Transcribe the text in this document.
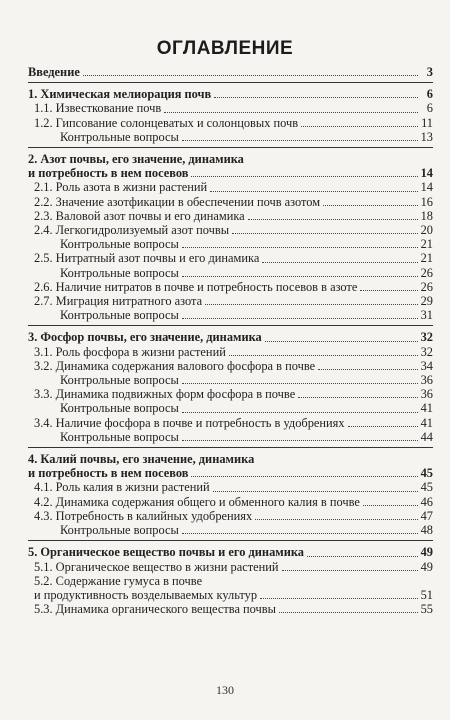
ОГЛАВЛЕНИЕ
Введение	3
1. Химическая мелиорация почв	6
1.1. Известкование почв	6
1.2. Гипсование солонцеватых и солонцовых почв	11
Контрольные вопросы	13
2. Азот почвы, его значение, динамика
и потребность в нем посевов	14
2.1. Роль азота в жизни растений	14
2.2. Значение азотфикации в обеспечении почв азотом	16
2.3. Валовой азот почвы и его динамика	18
2.4. Легкогидролизуемый азот почвы	20
Контрольные вопросы	21
2.5. Нитратный азот почвы и его динамика	21
Контрольные вопросы	26
2.6. Наличие нитратов в почве и потребность посевов в азоте	26
2.7. Миграция нитратного азота	29
Контрольные вопросы	31
3. Фосфор почвы, его значение, динамика	32
3.1. Роль фосфора в жизни растений	32
3.2. Динамика содержания валового фосфора в почве	34
Контрольные вопросы	36
3.3. Динамика подвижных форм фосфора в почве	36
Контрольные вопросы	41
3.4. Наличие фосфора в почве и потребность в удобрениях	41
Контрольные вопросы	44
4. Калий почвы, его значение, динамика
и потребность в нем посевов	45
4.1. Роль калия в жизни растений	45
4.2. Динамика содержания общего и обменного калия в почве	46
4.3. Потребность в калийных удобрениях	47
Контрольные вопросы	48
5. Органическое вещество почвы и его динамика	49
5.1. Органическое вещество в жизни растений	49
5.2. Содержание гумуса в почве
и продуктивность возделываемых культур	51
5.3. Динамика органического вещества почвы	55
130
